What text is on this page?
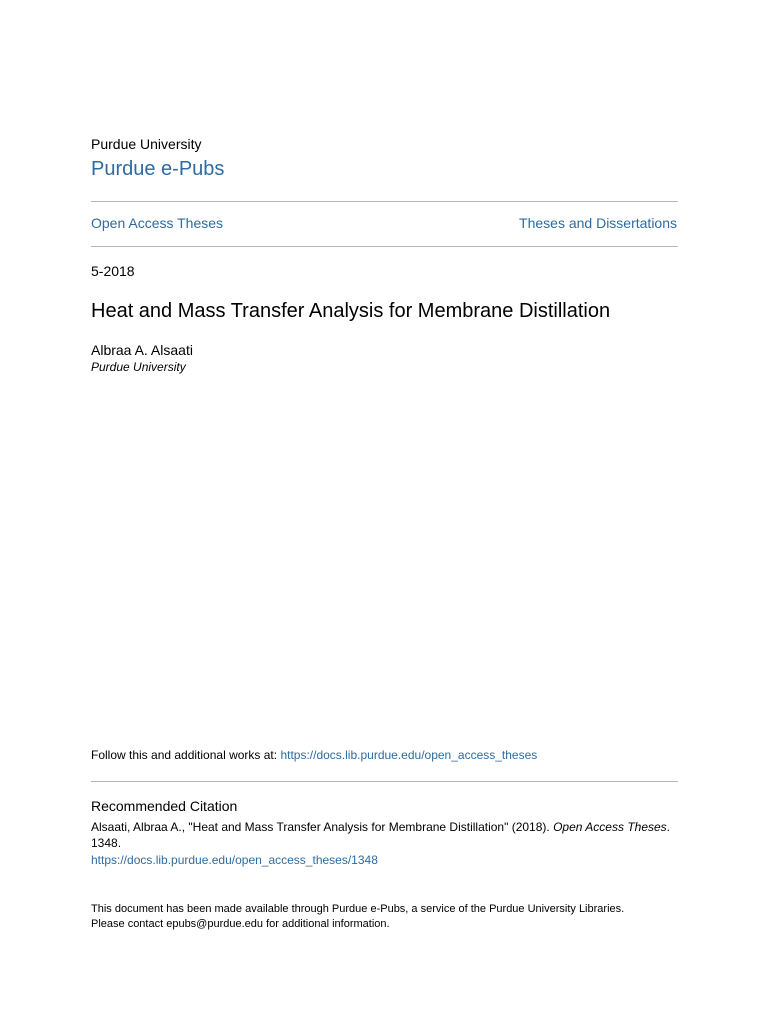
Purdue University
Purdue e-Pubs
Open Access Theses	Theses and Dissertations
5-2018
Heat and Mass Transfer Analysis for Membrane Distillation
Albraa A. Alsaati
Purdue University
Follow this and additional works at: https://docs.lib.purdue.edu/open_access_theses
Recommended Citation
Alsaati, Albraa A., "Heat and Mass Transfer Analysis for Membrane Distillation" (2018). Open Access Theses. 1348.
https://docs.lib.purdue.edu/open_access_theses/1348
This document has been made available through Purdue e-Pubs, a service of the Purdue University Libraries.
Please contact epubs@purdue.edu for additional information.
